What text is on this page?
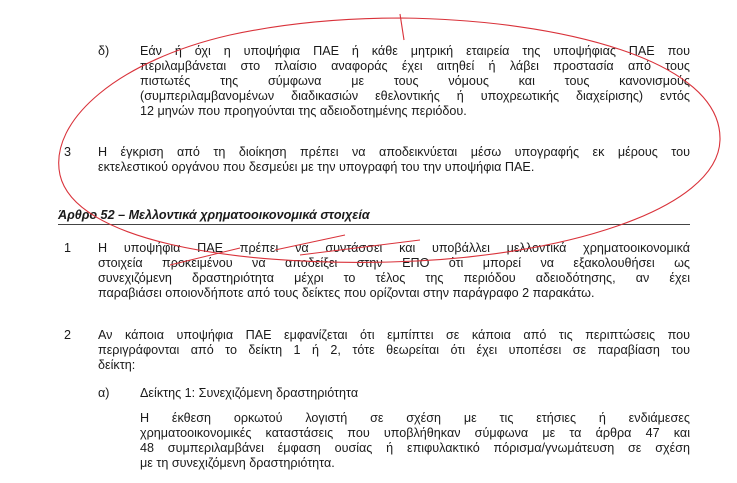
δ) Εάν ή όχι η υποψήφια ΠΑΕ ή κάθε μητρική εταιρεία της υποψήφιας ΠΑΕ που
περιλαμβάνεται στο πλαίσιο αναφοράς έχει αιτηθεί ή λάβει προστασία από τους
πιστωτές της σύμφωνα με τους νόμους και τους κανονισμούς
(συμπεριλαμβανομένων διαδικασιών εθελοντικής ή υποχρεωτικής διαχείρισης) εντός
12 μηνών που προηγούνται της αδειοδοτημένης περιόδου.
3 Η έγκριση από τη διοίκηση πρέπει να αποδεικνύεται μέσω υπογραφής εκ μέρους του
εκτελεστικού οργάνου που δεσμεύει με την υπογραφή του την υποψήφια ΠΑΕ.
Άρθρο 52 – Μελλοντικά χρηματοοικονομικά στοιχεία
1 Η υποψήφια ΠΑΕ πρέπει να συντάσσει και υποβάλλει μελλοντικά χρηματοοικονομικά
στοιχεία προκειμένου να αποδείξει στην ΕΠΟ ότι μπορεί να εξακολουθήσει ως
συνεχιζόμενη δραστηριότητα μέχρι το τέλος της περιόδου αδειοδότησης, αν έχει
παραβιάσει οποιονδήποτε από τους δείκτες που ορίζονται στην παράγραφο 2 παρακάτω.
2 Αν κάποια υποψήφια ΠΑΕ εμφανίζεται ότι εμπίπτει σε κάποια από τις περιπτώσεις που
περιγράφονται από το δείκτη 1 ή 2, τότε θεωρείται ότι έχει υποπέσει σε παραβίαση του
δείκτη:
α) Δείκτης 1: Συνεχιζόμενη δραστηριότητα
Η έκθεση ορκωτού λογιστή σε σχέση με τις ετήσιες ή ενδιάμεσες
χρηματοοικονομικές καταστάσεις που υποβλήθηκαν σύμφωνα με τα άρθρα 47 και
48 συμπεριλαμβάνει έμφαση ουσίας ή επιφυλακτικό πόρισμα/γνωμάτευση σε σχέση
με τη συνεχιζόμενη δραστηριότητα.
